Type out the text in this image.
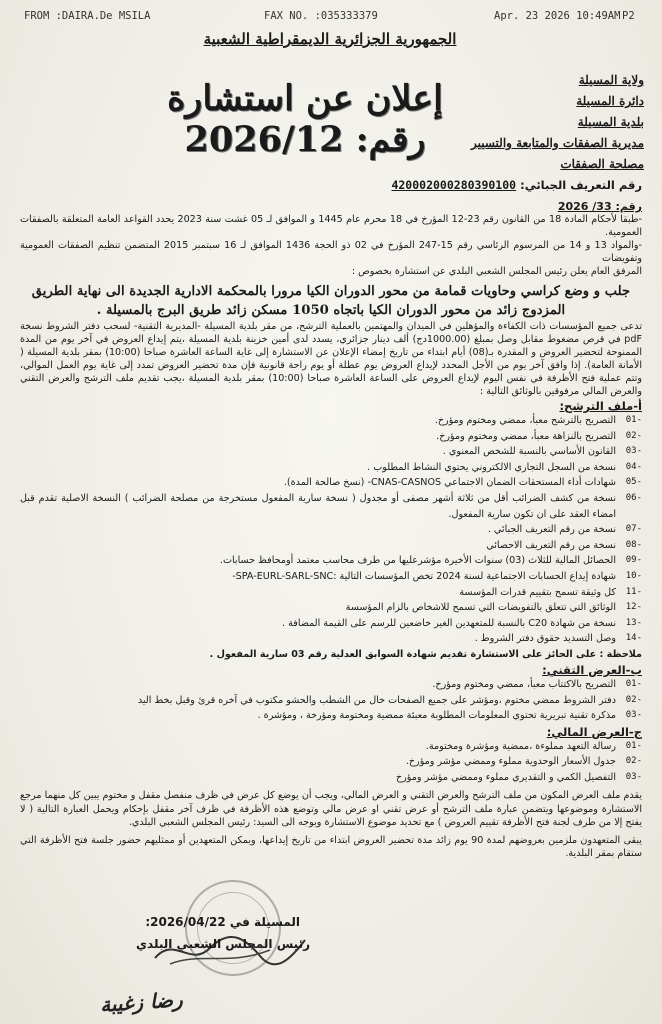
FROM :DAIRA.De MSILA	FAX NO. :035333379	Apr. 23 2026 10:49AM P2
الجمهورية الجزائرية الديمقراطية الشعبية
إعلان عن استشارة رقم: 2026/12
ولاية المسيلة
دائرة المسيلة
بلدية المسيلة
مديرية الصفقات والمتابعة والتسيير
مصلحة الصفقات
رقم التعريف الجبائي: 420002000280390100

رقم: 33/ 2026

-طبقا لأحكام المادة 18 من القانون رقم 23-12 المؤرخ في 18 محرم عام 1445 و الموافق لـ 05 غشت سنة 2023 يحدد القواعد العامة المتعلقة بالصفقات العمومية.

-والمواد 13 و 14 من المرسوم الرئاسي رقم 15-247 المؤرخ في 02 ذو الحجة 1436 الموافق لـ 16 سبتمبر 2015 المتضمن تنظيم الصفقات العمومية وتفويضات

المرفق العام يعلن رئيس المجلس الشعبي البلدي عن استشارة بخصوص :

جلب و وضع كراسي وحاويات قمامة من محور الدوران الكيا مرورا بالمحكمة الادارية الجديدة الى نهاية الطريق المزدوج زائد من محور الدوران الكيا باتجاه 1050 مسكن زائد طريق البرج بالمسيلة .

تدعى جميع المؤسسات ذات الكفاءة والمؤهلين في الميدان والمهتمين بالعملية الترشح، من مقر بلدية المسيلة -المديرية التقنية- لسحب دفتر الشروط نسخة pdF في قرص مضغوط مقابل وصل بمبلغ (1000.00دج) ألف دينار جزائري، يسدد لدى أمين خزينة بلدية المسيلة ،يتم إيداع العروض في آخر يوم من المدة الممنوحة لتحضير العروض و المقدرة بـ(08) أيام ابتداء من تاريخ إمضاء الإعلان عن الاستشارة إلى غاية الساعة العاشرة صباحا (10:00) بمقر بلدية المسيلة ( الأمانة العامة). إذا وافق آخر يوم من الأجل المحدد لإيداع العروض يوم عطلة أو يوم راحة قانونية فإن مدة تحضير العروض تمدد إلى غاية يوم العمل الموالي، وتتم عملية فتح الأظرفة في نفس اليوم لإيداع العروض على الساعة العاشرة صباحا (10:00) بمقر بلدية المسيلة ،يجب تقديم ملف الترشح والعرض التقني والعرض المالي مرفوقين بالوثائق التالية :

أ-ملف الترشح:
01-
التصريح بالترشح معبأ، ممضي ومختوم ومؤرخ.
02-
التصريح بالنزاهة معبأ، ممضي ومختوم ومؤرخ.
03-
القانون الأساسي بالنسبة للشخص المعنوي .
04-
نسخة من السجل التجاري الالكتروني يحتوي النشاط المطلوب .
05-
شهادات أداء المستحقات الضمان الاجتماعي CNAS-CASNOS- (نسخ صالحة المدة).
06-
نسخة من كشف الضرائب أقل من ثلاثة أشهر مصفى أو مجدول ( نسخة سارية المفعول مستخرجة من مصلحة الضرائب ) النسخة الاصلية تقدم قبل امضاء العقد على ان تكون سارية المفعول.
07-
نسخة من رقم التعريف الجبائي .
08-
نسخة من رقم التعريف الاحصائي
09-
الحصائل المالية للثلاث (03) سنوات الأخيرة مؤشرعليها من طرف محاسب معتمد أومحافظ حسابات.
10-
شهادة إيداع الحسابات الاجتماعية لسنة 2024 تخص المؤسسات التالية :SPA-EURL-SARL-SNC-
11-
كل وثيقة تسمح بتقييم قدرات المؤسسة
12-
الوثائق التي تتعلق بالتفويضات التي تسمح للاشخاص بالزام المؤسسة
13-
نسخة من شهادة C20 بالنسبة للمتعهدين الغير خاضعين للرسم على القيمة المضافة .
14-
وصل التسديد حقوق دفتر الشروط .
ملاحظة : على الحائز على الاستشارة تقديم شهادة السوابق العدلية رقم 03 سارية المفعول .
ب-العرض التقني:
01-
التصريح بالاكتتاب معبأ، ممضي ومختوم ومؤرخ.
02-
دفتر الشروط ممضي مختوم ،ومؤشر على جميع الصفحات خال من الشطب والحشو مكتوب في آخره قرئ وقبل بخط اليد
03-
مذكرة تقنية تبريرية تحتوي المعلومات المطلوبة معبئة ممضية ومختومة ومؤرخة ، ومؤشرة .
ج-العرض المالي:
01-
رسالة التعهد مملوءة ،ممضية ومؤشرة ومختومة.
02-
جدول الأسعار الوحدوية مملوء وممضي مؤشر ومؤرخ.
03-
التفصيل الكمي و التقديري مملوء وممضي مؤشر ومؤرخ

يقدم ملف العرض المكون من ملف الترشح والعرض التقني و العرض المالي، ويجب أن يوضع كل عرض في ظرف منفصل مقفل و مختوم يبين كل منهما مرجع الاستشارة وموضوعها ويتضمن عبارة ملف الترشح أو عرض تقني او عرض مالي وتوضع هذه الأظرفة في ظرف آخر مقفل بإحكام ويحمل العبارة التالية ( لا يفتح إلا من طرف لجنة فتح الأظرفة تقييم العروض ) مع تحديد موضوع الاستشارة ويوجه الى السيد: رئيس المجلس الشعبي البلدي.

يبقى المتعهدون ملزمين بعروضهم لمدة 90 يوم زائد مدة تحضير العروض ابتداء من تاريخ إيداعها، ويمكن المتعهدين أو ممثليهم حضور جلسة فتح الأظرفة التي ستقام بمقر البلدية.

المسيلة في 2026/04/22:
رئيس المجلس الشعبي البلدي
رضا زغيبة
